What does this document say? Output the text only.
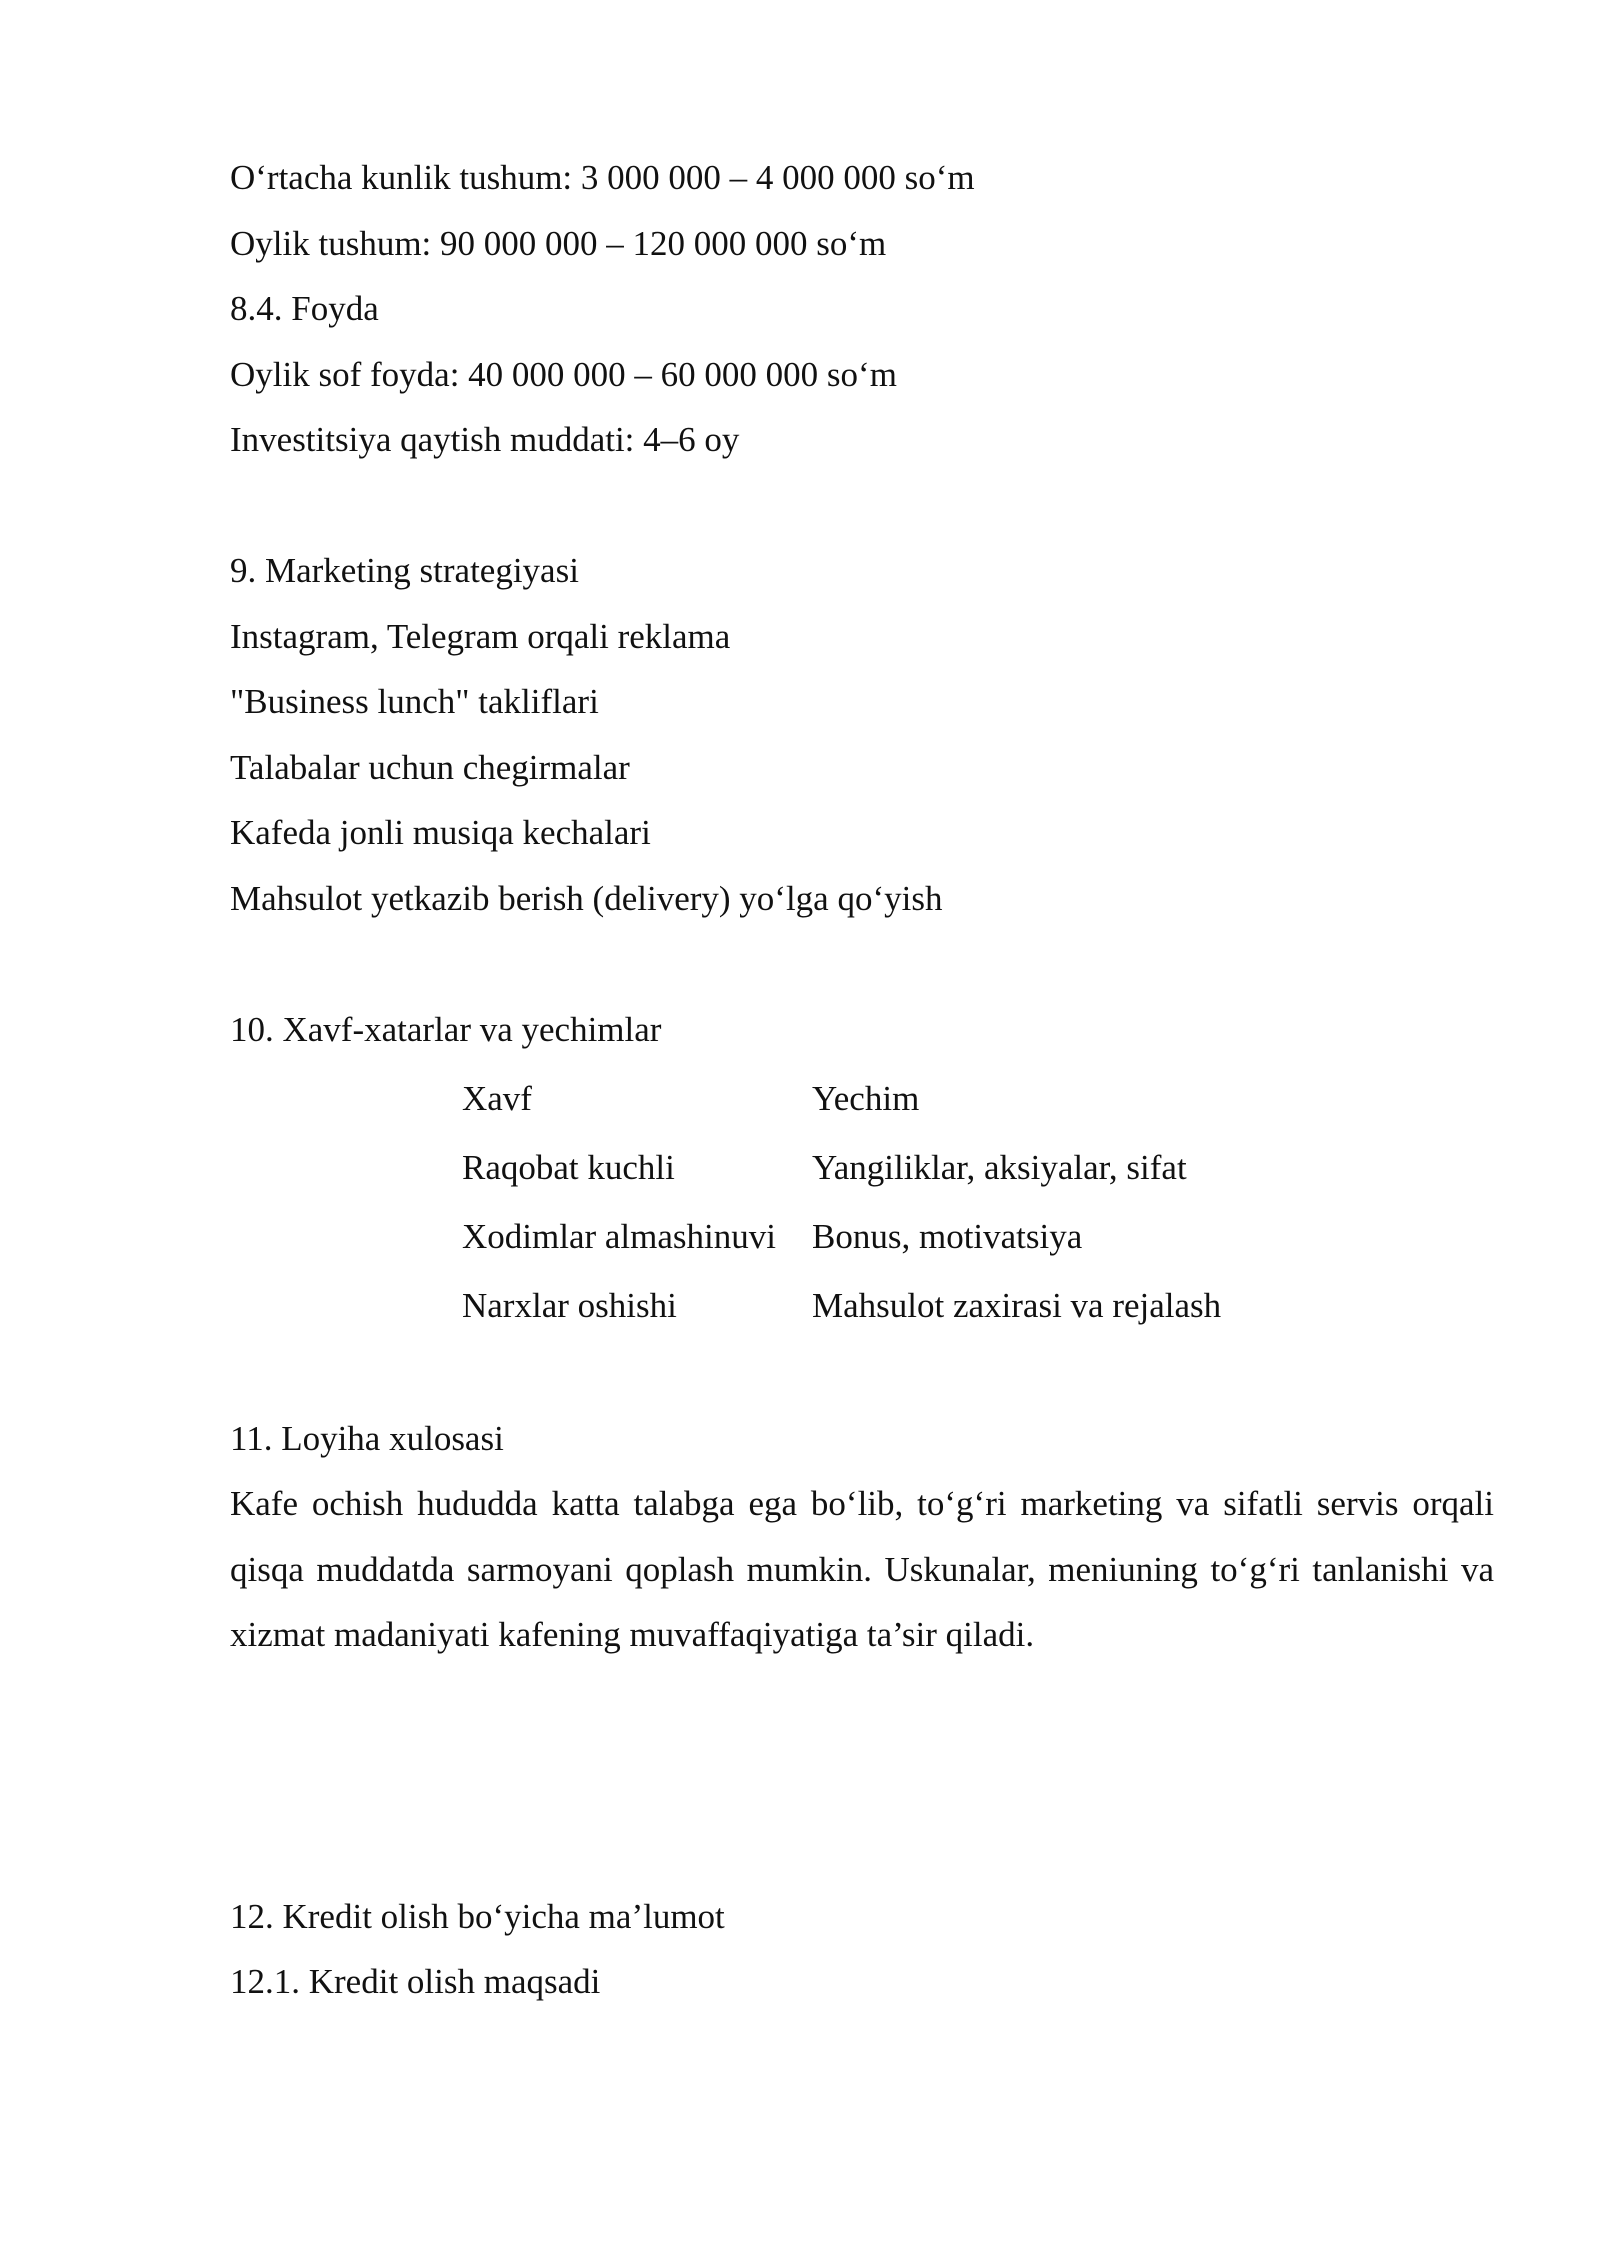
O‘rtacha kunlik tushum: 3 000 000 – 4 000 000 so‘m
Oylik tushum: 90 000 000 – 120 000 000 so‘m
8.4. Foyda
Oylik sof foyda: 40 000 000 – 60 000 000 so‘m
Investitsiya qaytish muddati: 4–6 oy
9. Marketing strategiyasi
Instagram, Telegram orqali reklama
"Business lunch" takliflari
Talabalar uchun chegirmalar
Kafeda jonli musiqa kechalari
Mahsulot yetkazib berish (delivery) yo‘lga qo‘yish
10. Xavf-xatarlar va yechimlar
Xavf	Yechim
Raqobat kuchli	Yangiliklar, aksiyalar, sifat
Xodimlar almashinuvi	Bonus, motivatsiya
Narxlar oshishi	Mahsulot zaxirasi va rejalash
11. Loyiha xulosasi
Kafe ochish hududda katta talabga ega bo‘lib, to‘g‘ri marketing va sifatli servis orqali qisqa muddatda sarmoyani qoplash mumkin. Uskunalar, meniuning to‘g‘ri tanlanishi va xizmat madaniyati kafening muvaffaqiyatiga ta’sir qiladi.
12. Kredit olish bo‘yicha ma’lumot
12.1. Kredit olish maqsadi
